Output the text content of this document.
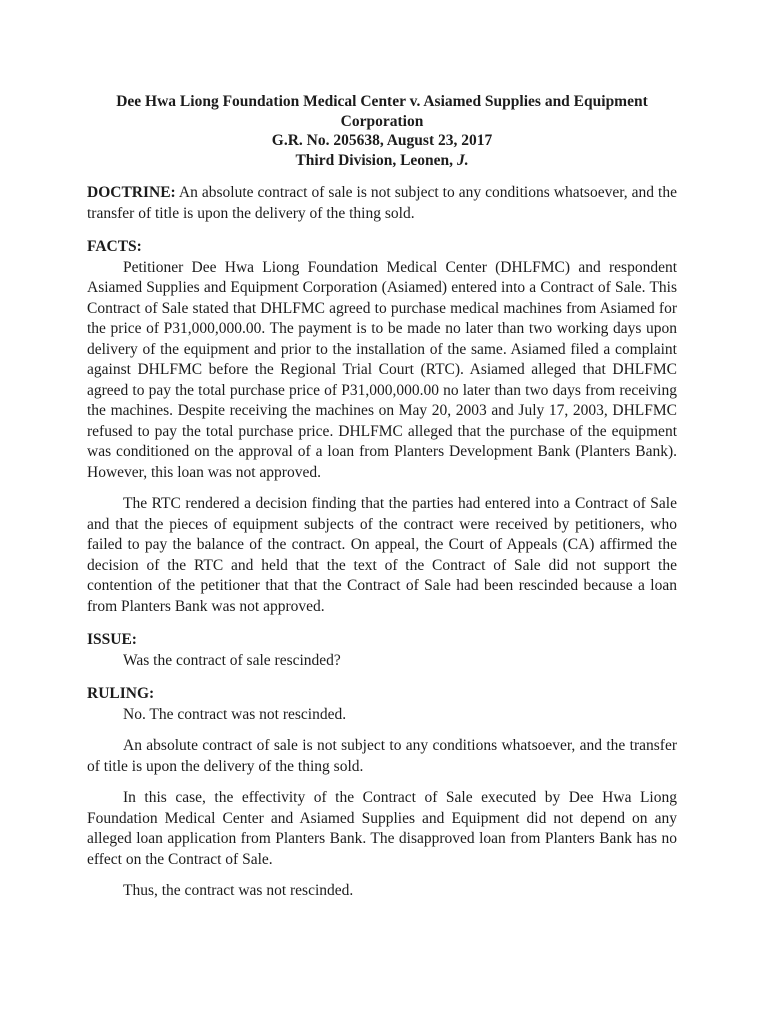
Dee Hwa Liong Foundation Medical Center v. Asiamed Supplies and Equipment
Corporation
G.R. No. 205638, August 23, 2017
Third Division, Leonen, J.

DOCTRINE: An absolute contract of sale is not subject to any conditions whatsoever, and the transfer of title is upon the delivery of the thing sold.

FACTS:

Petitioner Dee Hwa Liong Foundation Medical Center (DHLFMC) and respondent Asiamed Supplies and Equipment Corporation (Asiamed) entered into a Contract of Sale. This Contract of Sale stated that DHLFMC agreed to purchase medical machines from Asiamed for the price of P31,000,000.00. The payment is to be made no later than two working days upon delivery of the equipment and prior to the installation of the same. Asiamed filed a complaint against DHLFMC before the Regional Trial Court (RTC). Asiamed alleged that DHLFMC agreed to pay the total purchase price of P31,000,000.00 no later than two days from receiving the machines. Despite receiving the machines on May 20, 2003 and July 17, 2003, DHLFMC refused to pay the total purchase price. DHLFMC alleged that the purchase of the equipment was conditioned on the approval of a loan from Planters Development Bank (Planters Bank). However, this loan was not approved.

The RTC rendered a decision finding that the parties had entered into a Contract of Sale and that the pieces of equipment subjects of the contract were received by petitioners, who failed to pay the balance of the contract. On appeal, the Court of Appeals (CA) affirmed the decision of the RTC and held that the text of the Contract of Sale did not support the contention of the petitioner that that the Contract of Sale had been rescinded because a loan from Planters Bank was not approved.

ISSUE:

Was the contract of sale rescinded?

RULING:

No. The contract was not rescinded.

An absolute contract of sale is not subject to any conditions whatsoever, and the transfer of title is upon the delivery of the thing sold.

In this case, the effectivity of the Contract of Sale executed by Dee Hwa Liong Foundation Medical Center and Asiamed Supplies and Equipment did not depend on any alleged loan application from Planters Bank. The disapproved loan from Planters Bank has no effect on the Contract of Sale.

Thus, the contract was not rescinded.
